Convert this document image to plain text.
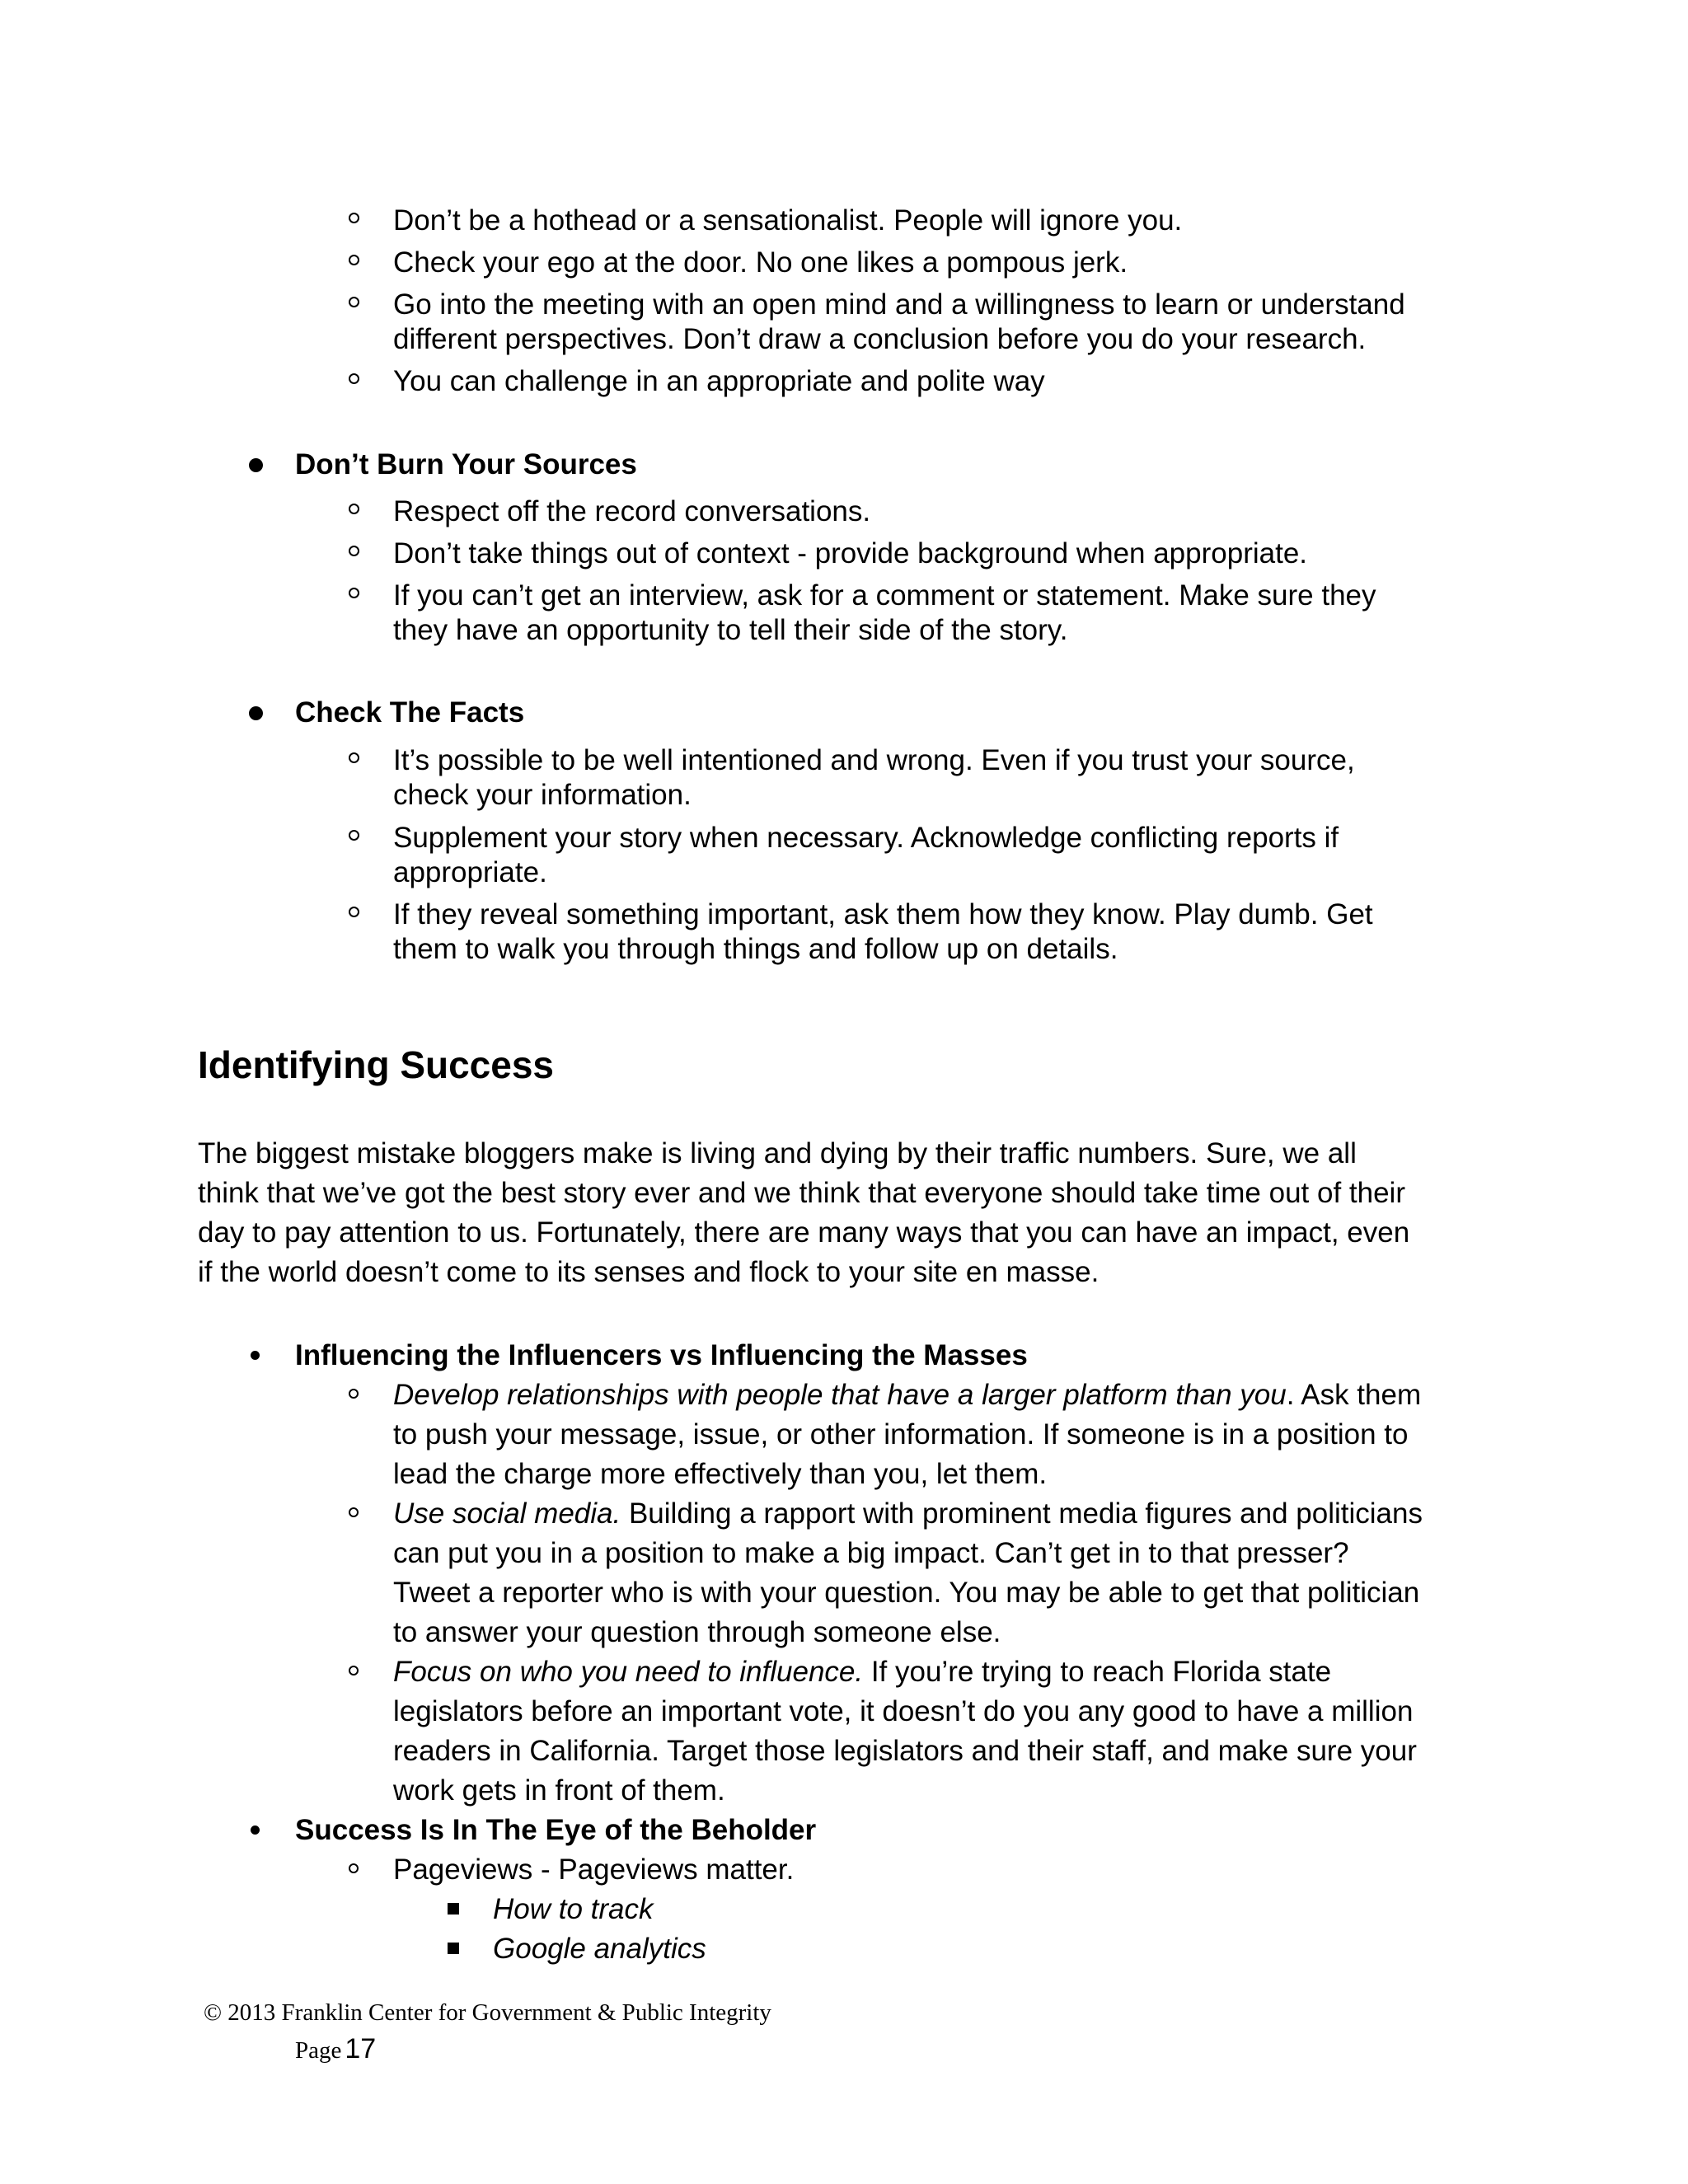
Don’t be a hothead or a sensationalist. People will ignore you.
Check your ego at the door. No one likes a pompous jerk.
Go into the meeting with an open mind and a willingness to learn or understand
different perspectives. Don’t draw a conclusion before you do your research.
You can challenge in an appropriate and polite way
Don’t Burn Your Sources
Respect off the record conversations.
Don’t take things out of context - provide background when appropriate.
If you can’t get an interview, ask for a comment or statement. Make sure they
they have an opportunity to tell their side of the story.
Check The Facts
It’s possible to be well intentioned and wrong. Even if you trust your source,
check your information.
Supplement your story when necessary. Acknowledge conflicting reports if
appropriate.
If they reveal something important, ask them how they know. Play dumb. Get
them to walk you through things and follow up on details.
Identifying Success
The biggest mistake bloggers make is living and dying by their traffic numbers. Sure, we all
think that we’ve got the best story ever and we think that everyone should take time out of their
day to pay attention to us. Fortunately, there are many ways that you can have an impact, even
if the world doesn’t come to its senses and flock to your site en masse.
Influencing the Influencers vs Influencing the Masses
Develop relationships with people that have a larger platform than you. Ask them
to push your message, issue, or other information. If someone is in a position to
lead the charge more effectively than you, let them.
Use social media. Building a rapport with prominent media figures and politicians
can put you in a position to make a big impact. Can’t get in to that presser?
Tweet a reporter who is with your question. You may be able to get that politician
to answer your question through someone else.
Focus on who you need to influence. If you’re trying to reach Florida state
legislators before an important vote, it doesn’t do you any good to have a million
readers in California. Target those legislators and their staff, and make sure your
work gets in front of them.
Success Is In The Eye of the Beholder
Pageviews - Pageviews matter.
How to track
Google analytics
© 2013 Franklin Center for Government & Public Integrity
Page 17
